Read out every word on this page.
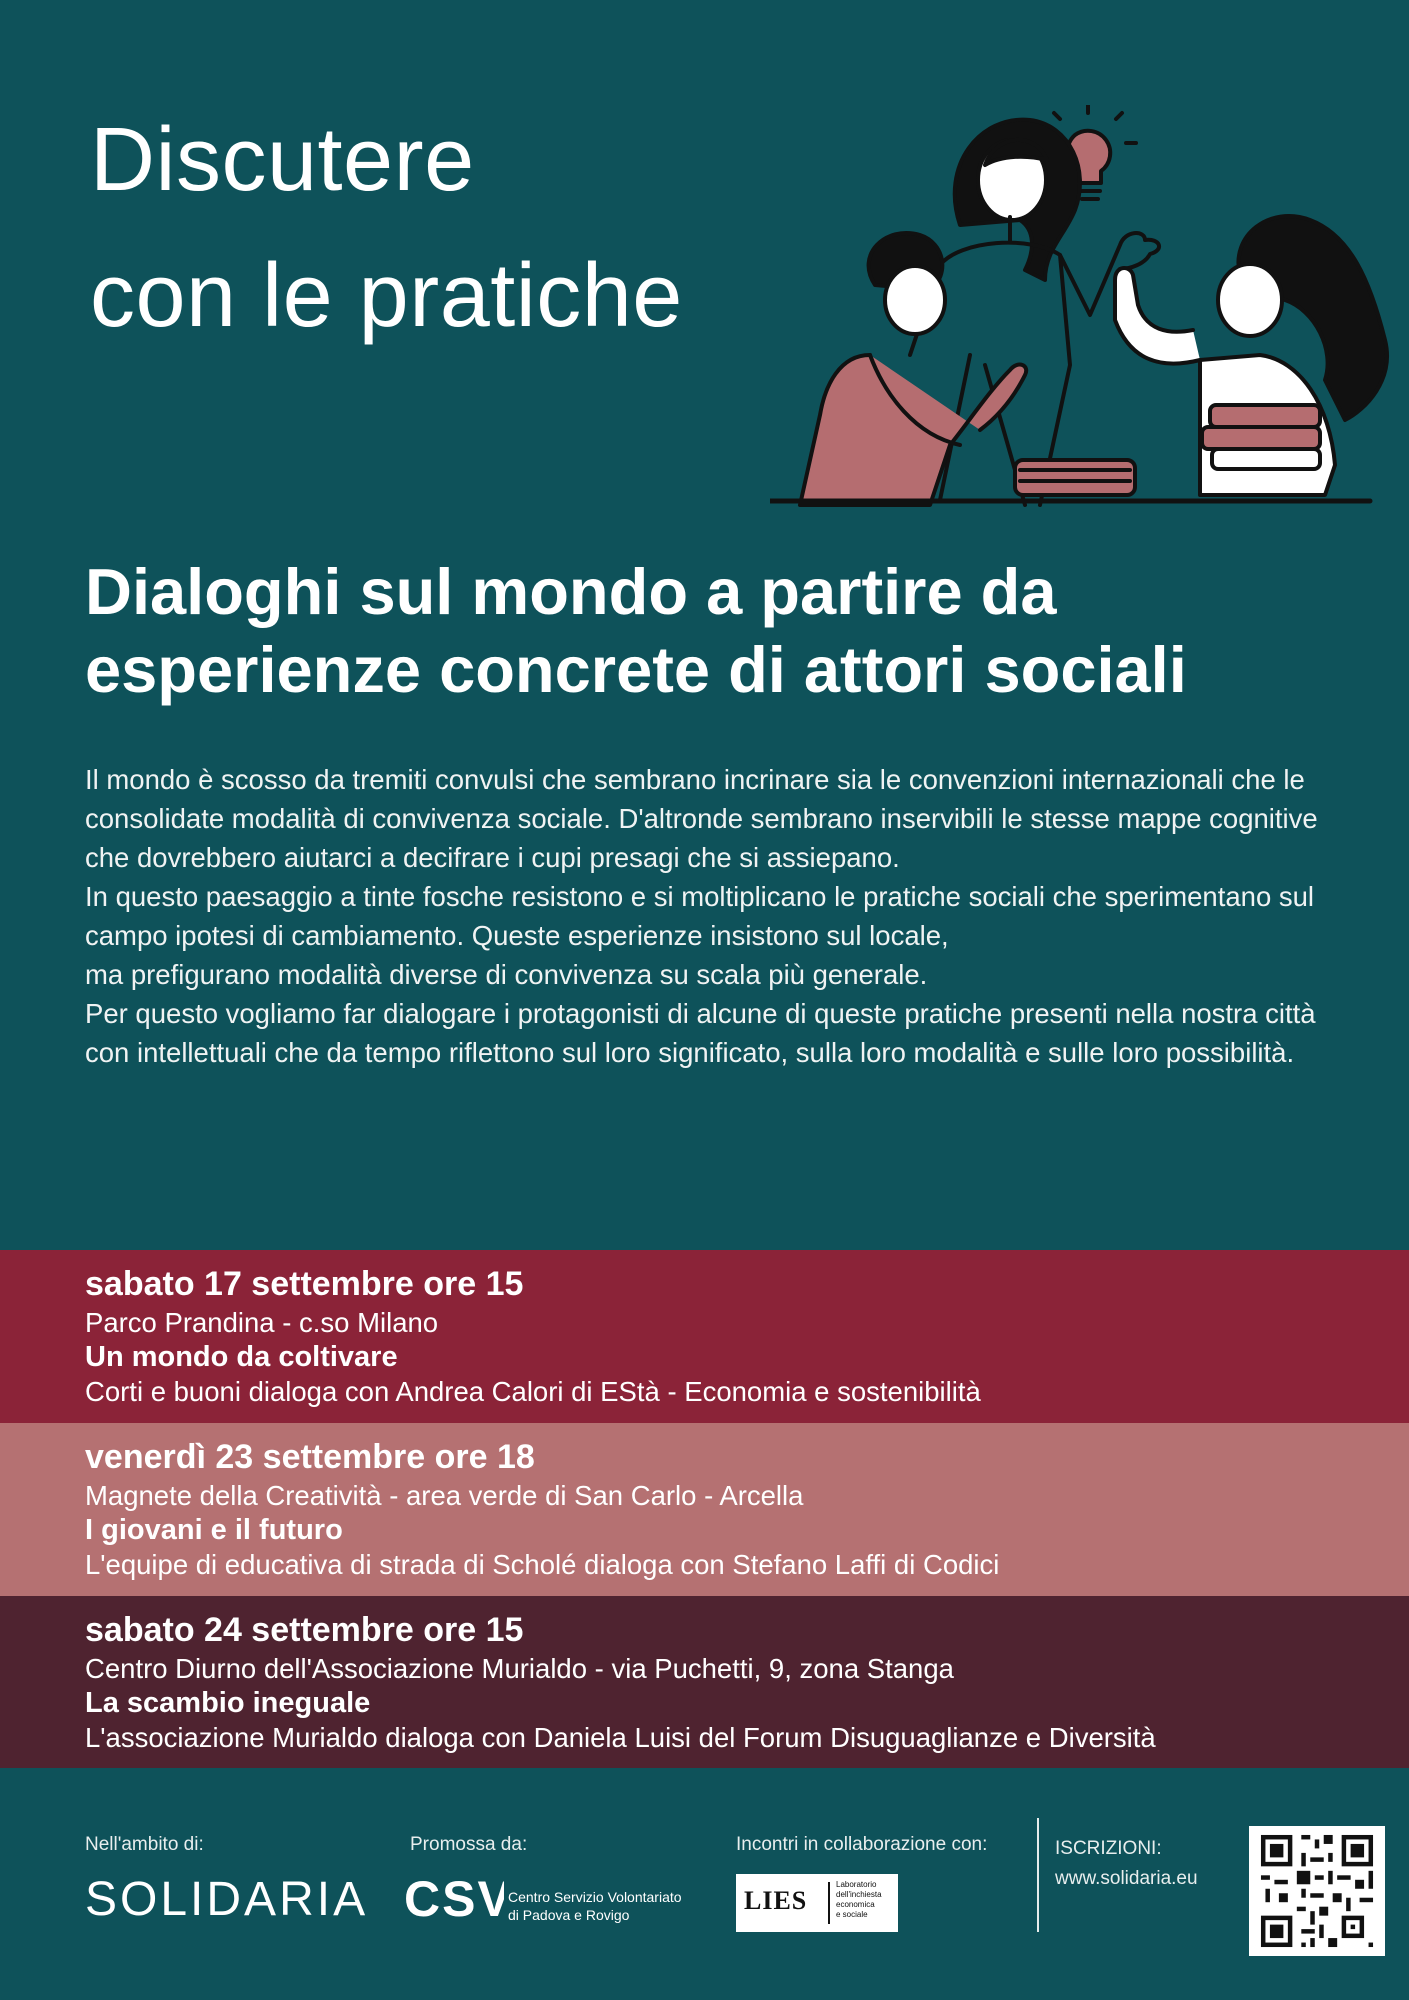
Discutere
con le pratiche
Dialoghi sul mondo a partire da
esperienze concrete di attori sociali

Il mondo è scosso da tremiti convulsi che sembrano incrinare sia le convenzioni internazionali che le consolidate modalità di convivenza sociale. D'altronde sembrano inservibili le stesse mappe cognitive che dovrebbero aiutarci a decifrare i cupi presagi che si assiepano.

In questo paesaggio a tinte fosche resistono e si moltiplicano le pratiche sociali che sperimentano sul campo ipotesi di cambiamento. Queste esperienze insistono sul locale,

ma prefigurano modalità diverse di convivenza su scala più generale.

Per questo vogliamo far dialogare i protagonisti di alcune di queste pratiche presenti nella nostra città con intellettuali che da tempo riflettono sul loro significato, sulla loro modalità e sulle loro possibilità.

sabato 17 settembre ore 15
Parco Prandina - c.so Milano
Un mondo da coltivare
Corti e buoni dialoga con Andrea Calori di EStà - Economia e sostenibilità
venerdì 23 settembre ore 18
Magnete della Creatività - area verde di San Carlo - Arcella
I giovani e il futuro
L'equipe di educativa di strada di Scholé dialoga con Stefano Laffi di Codici
sabato 24 settembre ore 15
Centro Diurno dell'Associazione Murialdo - via Puchetti, 9, zona Stanga
La scambio ineguale
L'associazione Murialdo dialoga con Daniela Luisi del Forum Disuguaglianze e Diversità
Nell'ambito di:
SOLIDARIA
Promossa da:
CSV
Centro Servizio Volontariato
di Padova e Rovigo
Incontri in collaborazione con:
LIES
Laboratorio
dell'inchiesta
economica
e sociale
ISCRIZIONI:
www.solidaria.eu
